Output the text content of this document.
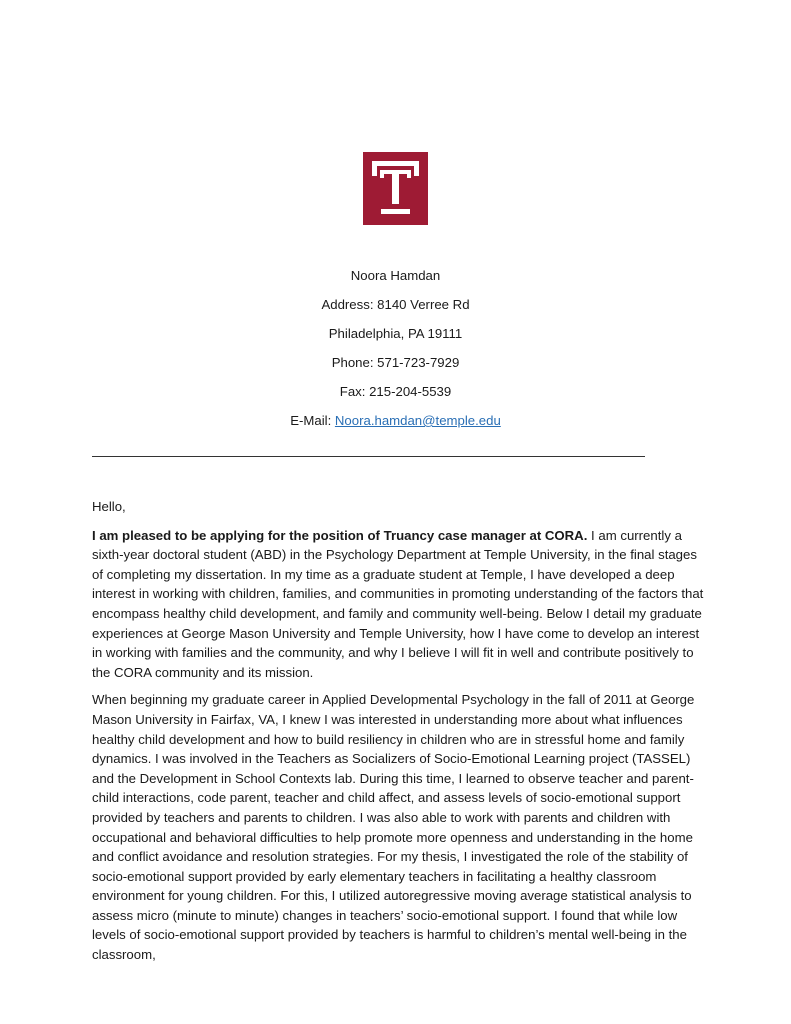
Noora Hamdan
Address: 8140 Verree Rd
Philadelphia, PA 19111
Phone: 571-723-7929
Fax: 215-204-5539
E-Mail: Noora.hamdan@temple.edu

Hello,

I am pleased to be applying for the position of Truancy case manager at CORA. I am currently a sixth-year doctoral student (ABD) in the Psychology Department at Temple University, in the final stages of completing my dissertation. In my time as a graduate student at Temple, I have developed a deep interest in working with children, families, and communities in promoting understanding of the factors that encompass healthy child development, and family and community well-being. Below I detail my graduate experiences at George Mason University and Temple University, how I have come to develop an interest in working with families and the community, and why I believe I will fit in well and contribute positively to the CORA community and its mission.

When beginning my graduate career in Applied Developmental Psychology in the fall of 2011 at George Mason University in Fairfax, VA, I knew I was interested in understanding more about what influences healthy child development and how to build resiliency in children who are in stressful home and family dynamics. I was involved in the Teachers as Socializers of Socio-Emotional Learning project (TASSEL) and the Development in School Contexts lab. During this time, I learned to observe teacher and parent-child interactions, code parent, teacher and child affect, and assess levels of socio-emotional support provided by teachers and parents to children. I was also able to work with parents and children with occupational and behavioral difficulties to help promote more openness and understanding in the home and conflict avoidance and resolution strategies. For my thesis, I investigated the role of the stability of socio-emotional support provided by early elementary teachers in facilitating a healthy classroom environment for young children. For this, I utilized autoregressive moving average statistical analysis to assess micro (minute to minute) changes in teachers’ socio-emotional support. I found that while low levels of socio-emotional support provided by teachers is harmful to children’s mental well-being in the classroom,
